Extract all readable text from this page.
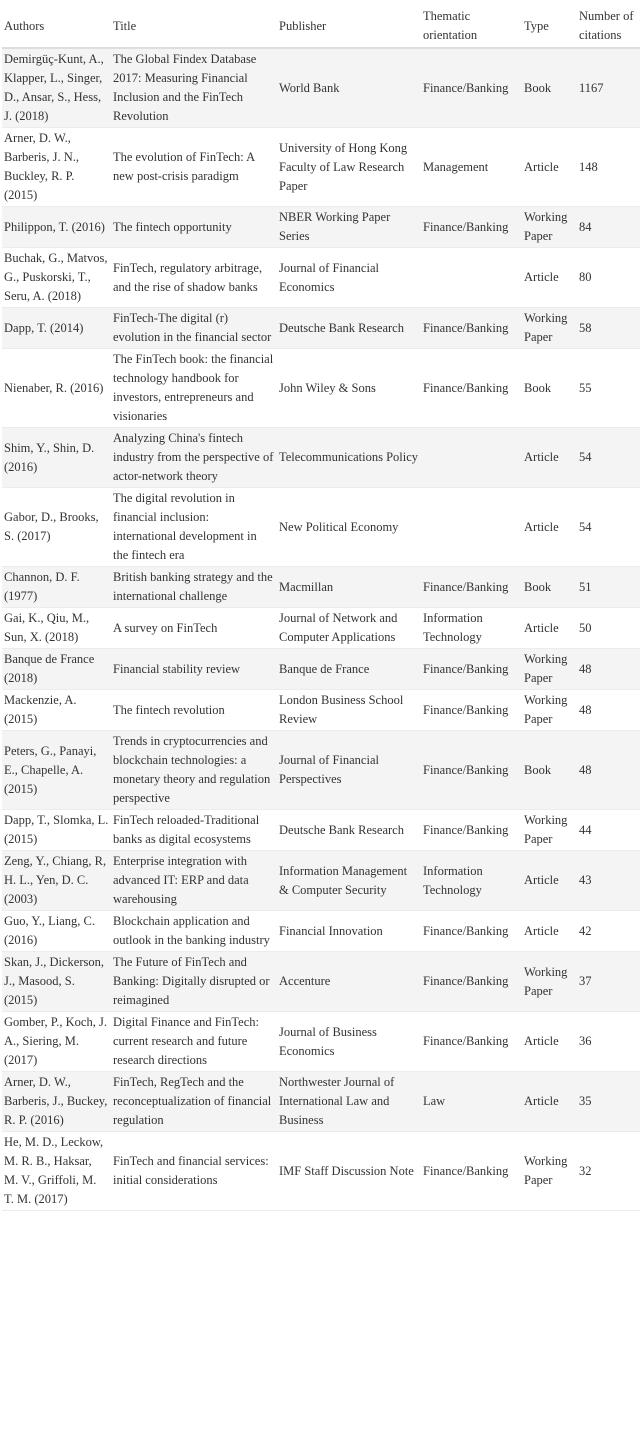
Authors	Title	Publisher	Thematic orientation	Type	Number of citations
Demirgüç-Kunt, A., Klapper, L., Singer, D., Ansar, S., Hess, J. (2018)	The Global Findex Database 2017: Measuring Financial Inclusion and the FinTech Revolution	World Bank	Finance/Banking	Book	1167
Arner, D. W., Barberis, J. N., Buckley, R. P. (2015)	The evolution of FinTech: A new post-crisis paradigm	University of Hong Kong Faculty of Law Research Paper	Management	Article	148
Philippon, T. (2016)	The fintech opportunity	NBER Working Paper Series	Finance/Banking	Working Paper	84
Buchak, G., Matvos, G., Puskorski, T., Seru, A. (2018)	FinTech, regulatory arbitrage, and the rise of shadow banks	Journal of Financial Economics		Article	80
Dapp, T. (2014)	FinTech-The digital (r) evolution in the financial sector	Deutsche Bank Research	Finance/Banking	Working Paper	58
Nienaber, R. (2016)	The FinTech book: the financial technology handbook for investors, entrepreneurs and visionaries	John Wiley & Sons	Finance/Banking	Book	55
Shim, Y., Shin, D. (2016)	Analyzing China's fintech industry from the perspective of actor-network theory	Telecommunications Policy		Article	54
Gabor, D., Brooks, S. (2017)	The digital revolution in financial inclusion: international development in the fintech era	New Political Economy		Article	54
Channon, D. F. (1977)	British banking strategy and the international challenge	Macmillan	Finance/Banking	Book	51
Gai, K., Qiu, M., Sun, X. (2018)	A survey on FinTech	Journal of Network and Computer Applications	Information Technology	Article	50
Banque de France (2018)	Financial stability review	Banque de France	Finance/Banking	Working Paper	48
Mackenzie, A. (2015)	The fintech revolution	London Business School Review	Finance/Banking	Working Paper	48
Peters, G., Panayi, E., Chapelle, A. (2015)	Trends in cryptocurrencies and blockchain technologies: a monetary theory and regulation perspective	Journal of Financial Perspectives	Finance/Banking	Book	48
Dapp, T., Slomka, L. (2015)	FinTech reloaded-Traditional banks as digital ecosystems	Deutsche Bank Research	Finance/Banking	Working Paper	44
Zeng, Y., Chiang, R, H. L., Yen, D. C. (2003)	Enterprise integration with advanced IT: ERP and data warehousing	Information Management & Computer Security	Information Technology	Article	43
Guo, Y., Liang, C. (2016)	Blockchain application and outlook in the banking industry	Financial Innovation	Finance/Banking	Article	42
Skan, J., Dickerson, J., Masood, S. (2015)	The Future of FinTech and Banking: Digitally disrupted or reimagined	Accenture	Finance/Banking	Working Paper	37
Gomber, P., Koch, J. A., Siering, M. (2017)	Digital Finance and FinTech: current research and future research directions	Journal of Business Economics	Finance/Banking	Article	36
Arner, D. W., Barberis, J., Buckey, R. P. (2016)	FinTech, RegTech and the reconceptualization of financial regulation	Northwester Journal of International Law and Business	Law	Article	35
He, M. D., Leckow, M. R. B., Haksar, M. V., Griffoli, M. T. M. (2017)	FinTech and financial services: initial considerations	IMF Staff Discussion Note	Finance/Banking	Working Paper	32
